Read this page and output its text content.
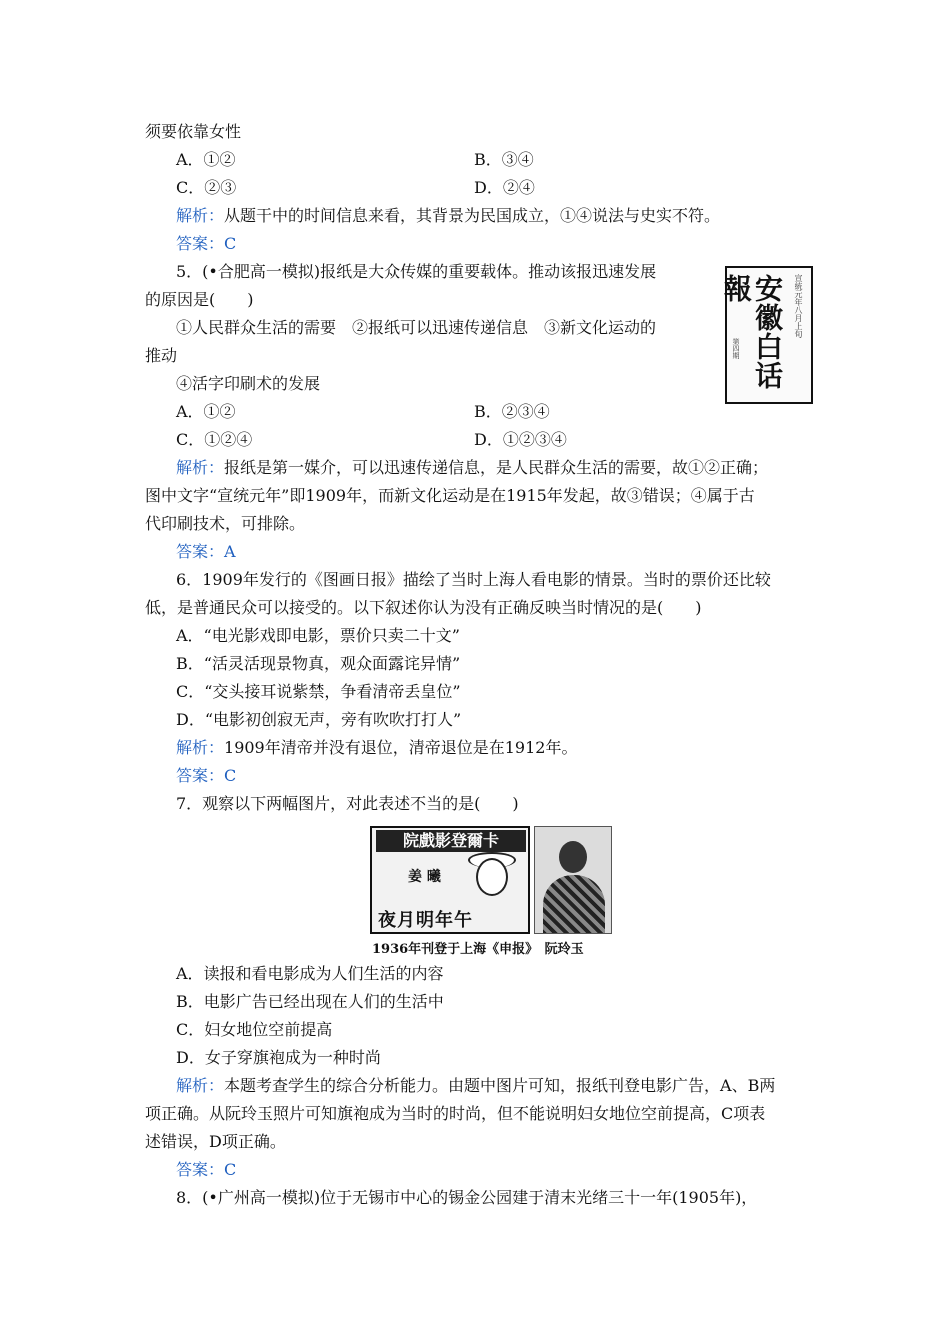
须要依靠女性
A．①②	B．③④
C．②③	D．②④
解析：从题干中的时间信息来看，其背景为民国成立，①④说法与史实不符。
答案：C
5．(•合肥高一模拟)报纸是大众传媒的重要载体。推动该报迅速发展
的原因是(　　)
①人民群众生活的需要　②报纸可以迅速传递信息　③新文化运动的
推动
④活字印刷术的发展
A．①②	B．②③④
C．①②④	D．①②③④
解析：报纸是第一媒介，可以迅速传递信息，是人民群众生活的需要，故①②正确；
图中文字“宣统元年”即1909年，而新文化运动是在1915年发起，故③错误；④属于古
代印刷技术，可排除。
答案：A
安徽白话報	宣統元年八月上旬
第四期
6．1909年发行的《图画日报》描绘了当时上海人看电影的情景。当时的票价还比较
低，是普通民众可以接受的。以下叙述你认为没有正确反映当时情况的是(　　)
A．“电光影戏即电影，票价只卖二十文”
B．“活灵活现景物真，观众面露诧异情”
C．“交头接耳说紫禁，争看清帝丢皇位”
D．“电影初创寂无声，旁有吹吹打打人”
解析：1909年清帝并没有退位，清帝退位是在1912年。
答案：C
7．观察以下两幅图片，对此表述不当的是(　　)
院戲影登爾卡
姜 曦
夜月明年午
1936年刊登于上海《申报》　阮玲玉
A．读报和看电影成为人们生活的内容
B．电影广告已经出现在人们的生活中
C．妇女地位空前提高
D．女子穿旗袍成为一种时尚
解析：本题考查学生的综合分析能力。由题中图片可知，报纸刊登电影广告，A、B两
项正确。从阮玲玉照片可知旗袍成为当时的时尚，但不能说明妇女地位空前提高，C项表
述错误，D项正确。
答案：C
8．(•广州高一模拟)位于无锡市中心的锡金公园建于清末光绪三十一年(1905年)，
